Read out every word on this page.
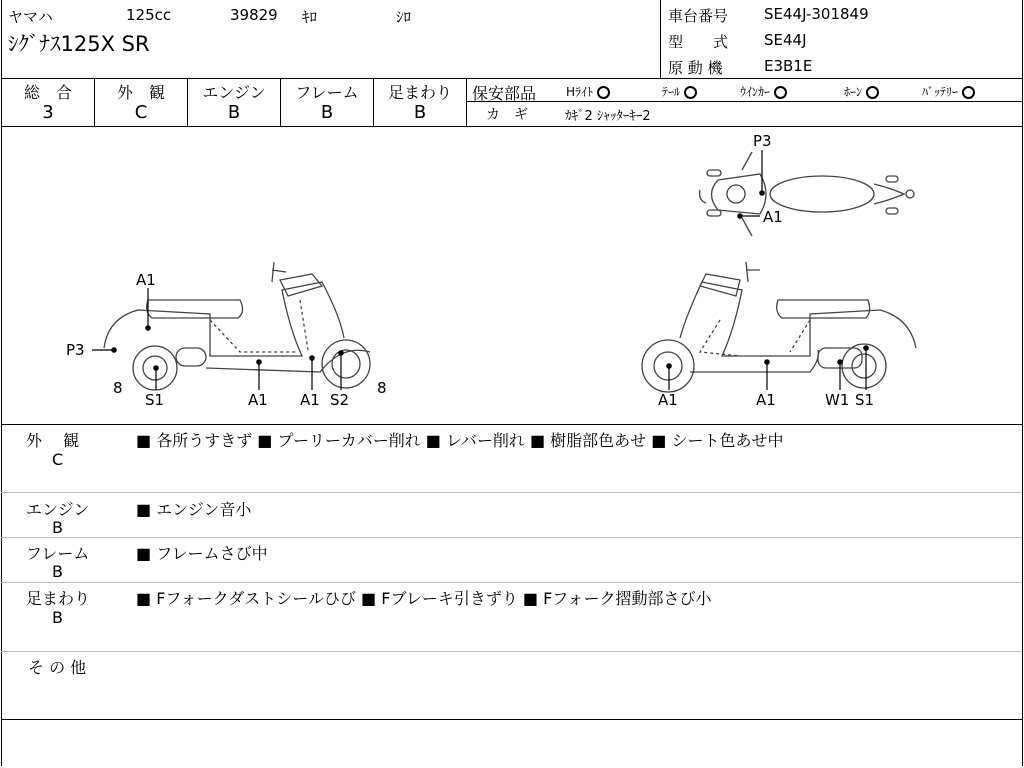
ヤマハ	125cc	39829 ｷﾛ	ｼﾛ
ｼｸﾞﾅｽ125X SR
車台番号 SE44J-301849
型　　式 SE44J
原 動 機	E3B1E
総　合
3
外　観
C
エンジン
B
フレーム
B
足まわり
B
保安部品 Hﾗｲﾄ	ﾃｰﾙ	ｳｲﾝｶｰ	ﾎｰﾝ	ﾊﾞｯﾃﾘｰ
カ　ギ	ｶｷﾞ2 ｼｬｯﾀｰｷｰ2
P3
A1
A1
P3
8	8
S1	A1 A1 S2	A1	A1	W1 S1
外　 観
C
■ 各所うすきず ■ プーリーカバー削れ ■ レバー削れ ■ 樹脂部色あせ ■ シート色あせ中
エンジン
B
■ エンジン音小
フレーム
B
■ フレームさび中
足まわり
B
■ Fフォークダストシールひび ■ Fブレーキ引きずり ■ Fフォーク摺動部さび小
そ の 他
